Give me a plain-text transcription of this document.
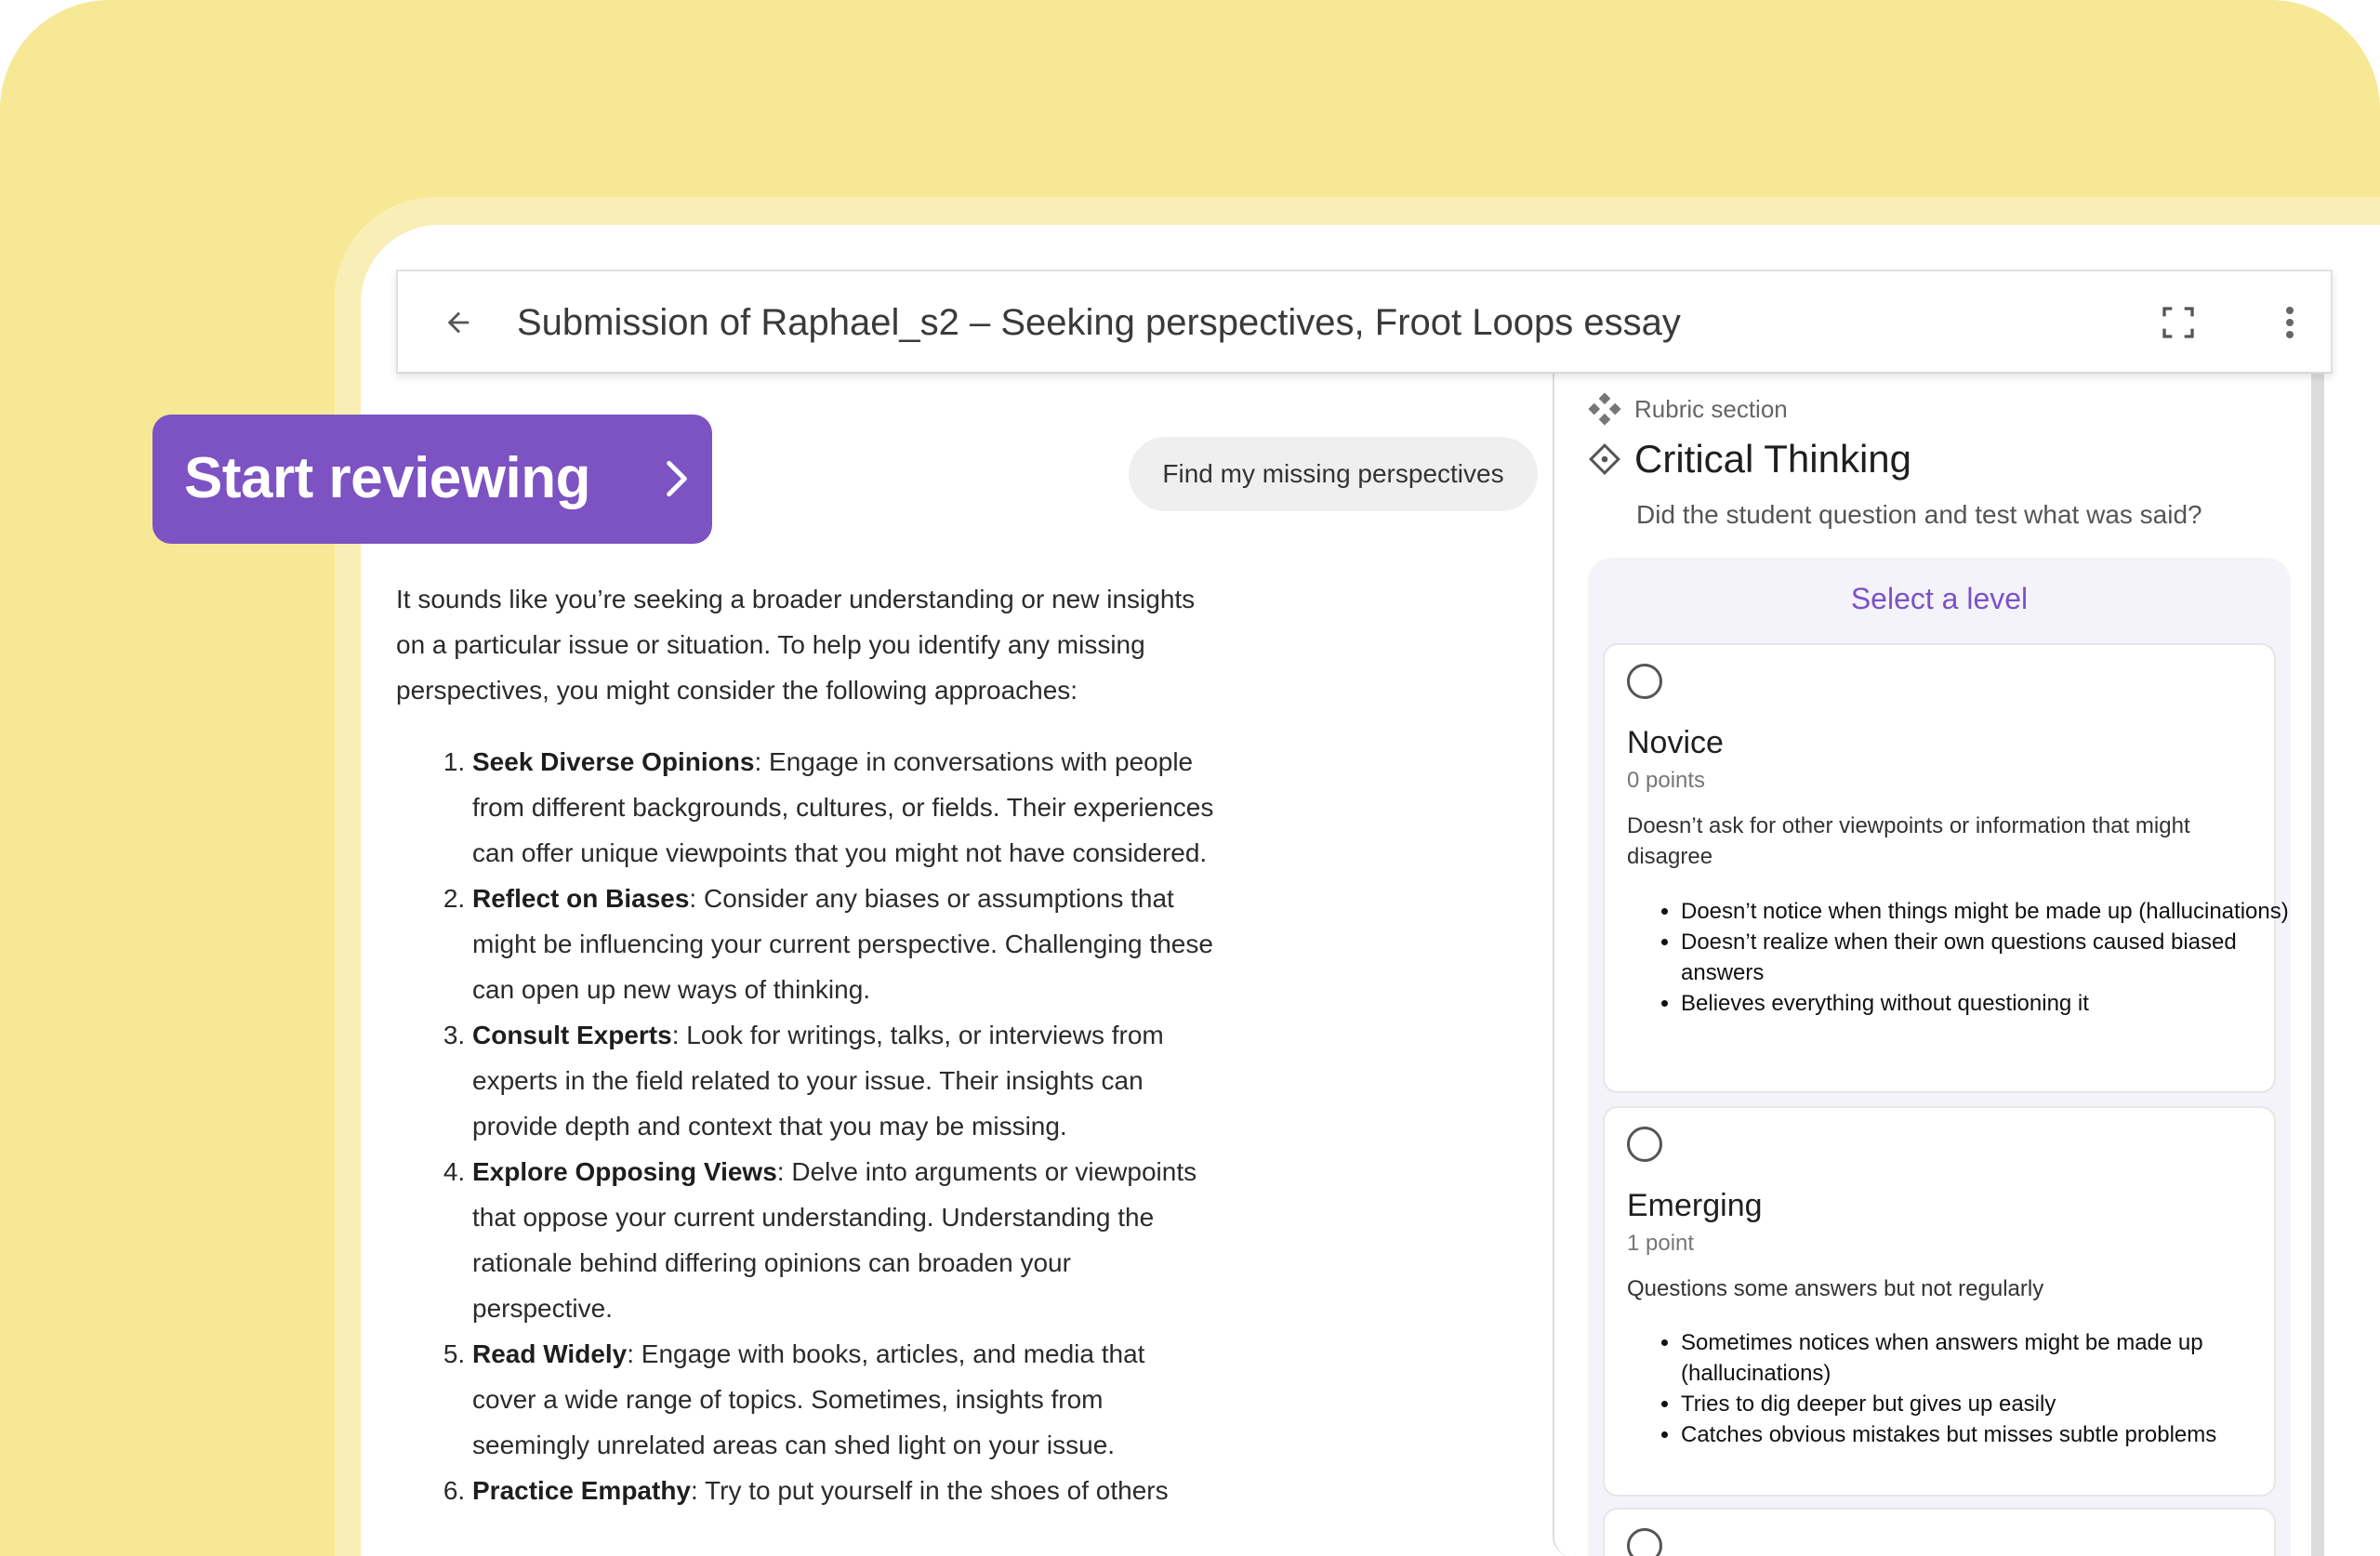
Submission of Raphael_s2 – Seeking perspectives, Froot Loops essay
Find my missing perspectives

It sounds like you’re seeking a broader understanding or new insights on a particular issue or situation. To help you identify any missing perspectives, you might consider the following approaches:

1. Seek Diverse Opinions: Engage in conversations with people from different backgrounds, cultures, or fields. Their experiences can offer unique viewpoints that you might not have considered.
2. Reflect on Biases: Consider any biases or assumptions that might be influencing your current perspective. Challenging these can open up new ways of thinking.
3. Consult Experts: Look for writings, talks, or interviews from experts in the field related to your issue. Their insights can provide depth and context that you may be missing.
4. Explore Opposing Views: Delve into arguments or viewpoints that oppose your current understanding. Understanding the rationale behind differing opinions can broaden your perspective.
5. Read Widely: Engage with books, articles, and media that cover a wide range of topics. Sometimes, insights from seemingly unrelated areas can shed light on your issue.
6. Practice Empathy: Try to put yourself in the shoes of others
Rubric section
Critical Thinking
Did the student question and test what was said?
Select a level
Novice
0 points
Doesn’t ask for other viewpoints or information that might disagree
• Doesn’t notice when things might be made up (hallucinations)
• Doesn’t realize when their own questions caused biased answers
• Believes everything without questioning it
Emerging
1 point
Questions some answers but not regularly
• Sometimes notices when answers might be made up (hallucinations)
• Tries to dig deeper but gives up easily
• Catches obvious mistakes but misses subtle problems
Start reviewing
